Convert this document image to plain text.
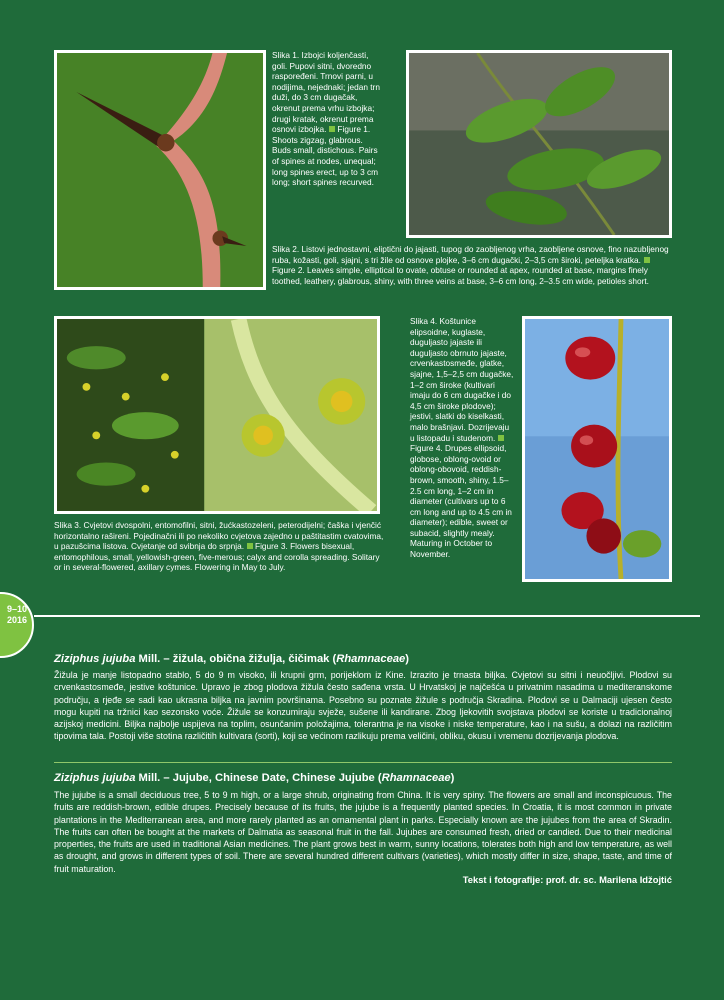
Slika 1. Izbojci koljenčasti, goli. Pupovi sitni, dvoredno raspoređeni. Trnovi parni, u nodijima, nejednaki; jedan trn duži, do 3 cm dugačak, okrenut prema vrhu izbojka; drugi kratak, okrenut prema osnovi izbojka. Figure 1. Shoots zigzag, glabrous. Buds small, distichous. Pairs of spines at nodes, unequal; long spines erect, up to 3 cm long; short spines recurved.
Slika 2. Listovi jednostavni, eliptični do jajasti, tupog do zaobljenog vrha, zaobljene osnove, fino nazubljenog ruba, kožasti, goli, sjajni, s tri žile od osnove plojke, 3–6 cm dugački, 2–3,5 cm široki, peteljka kratka.Figure 2. Leaves simple, elliptical to ovate, obtuse or rounded at apex, rounded at base, margins finely toothed, leathery, glabrous, shiny, with three veins at base, 3–6 cm long, 2–3.5 cm wide, petioles short.
Slika 3. Cvjetovi dvospolni, entomofilni, sitni, žućkastozeleni, peterodijelni; čaška i vjenčić horizontalno rašireni. Pojedinačni ili po nekoliko cvjetova zajedno u paštitastim cvatovima, u pazušcima listova. Cvjetanje od svibnja do srpnja. Figure 3. Flowers bisexual, entomophilous, small, yellowish-green, five-merous; calyx and corolla spreading. Solitary or in several-flowered, axillary cymes. Flowering in May to July.
Slika 4. Koštunice elipsoidne, kuglaste, duguljasto jajaste ili duguljasto obrnuto jajaste, crvenkastosmeđe, glatke, sjajne, 1,5–2,5 cm dugačke, 1–2 cm široke (kultivari imaju do 6 cm dugačke i do 4,5 cm široke plodove); jestivi, slatki do kiselkasti, malo brašnjavi. Dozrijevaju u listopadu i studenom.Figure 4. Drupes ellipsoid, globose, oblong-ovoid or oblong-obovoid, reddish-brown, smooth, shiny, 1.5–2.5 cm long, 1–2 cm in diameter (cultivars up to 6 cm long and up to 4.5 cm in diameter); edible, sweet or subacid, slightly mealy. Maturing in October to November.
9–10
2016
Ziziphus jujuba Mill. – žižula, obična žižulja, čičimak (Rhamnaceae)
Žižula je manje listopadno stablo, 5 do 9 m visoko, ili krupni grm, porijeklom iz Kine. Izrazito je trnasta biljka. Cvjetovi su sitni i neuočljivi. Plodovi su crvenkastosmeđe, jestive koštunice. Upravo je zbog plodova žižula često sađena vrsta. U Hrvatskoj je najčešća u privatnim nasadima u mediteranskome području, a rjeđe se sadi kao ukrasna biljka na javnim površinama. Posebno su poznate žižule s područja Skradina. Plodovi se u Dalmaciji ujesen često mogu kupiti na tržnici kao sezonsko voće. Žižule se konzumiraju svježe, sušene ili kandirane. Zbog ljekovitih svojstava plodovi se koriste u tradicionalnoj azijskoj medicini. Biljka najbolje uspijeva na toplim, osunčanim položajima, tolerantna je na visoke i niske temperature, kao i na sušu, a dolazi na različitim tipovima tala. Postoji više stotina različitih kultivara (sorti), koji se većinom razlikuju prema veličini, obliku, okusu i vremenu dozrijevanja plodova.
Ziziphus jujuba Mill. – Jujube, Chinese Date, Chinese Jujube (Rhamnaceae)
The jujube is a small deciduous tree, 5 to 9 m high, or a large shrub, originating from China. It is very spiny. The flowers are small and inconspicuous. The fruits are reddish-brown, edible drupes. Precisely because of its fruits, the jujube is a frequently planted species. In Croatia, it is most common in private plantations in the Mediterranean area, and more rarely planted as an ornamental plant in parks. Especially known are the jujubes from the area of Skradin. The fruits can often be bought at the markets of Dalmatia as seasonal fruit in the fall. Jujubes are consumed fresh, dried or candied. Due to their medicinal properties, the fruits are used in traditional Asian medicines. The plant grows best in warm, sunny locations, tolerates both high and low temperature, as well as drought, and grows in different types of soil. There are several hundred different cultivars (varieties), which mostly differ in size, shape, taste, and time of fruit maturation.
Tekst i fotografije: prof. dr. sc. Marilena Idžojtić
